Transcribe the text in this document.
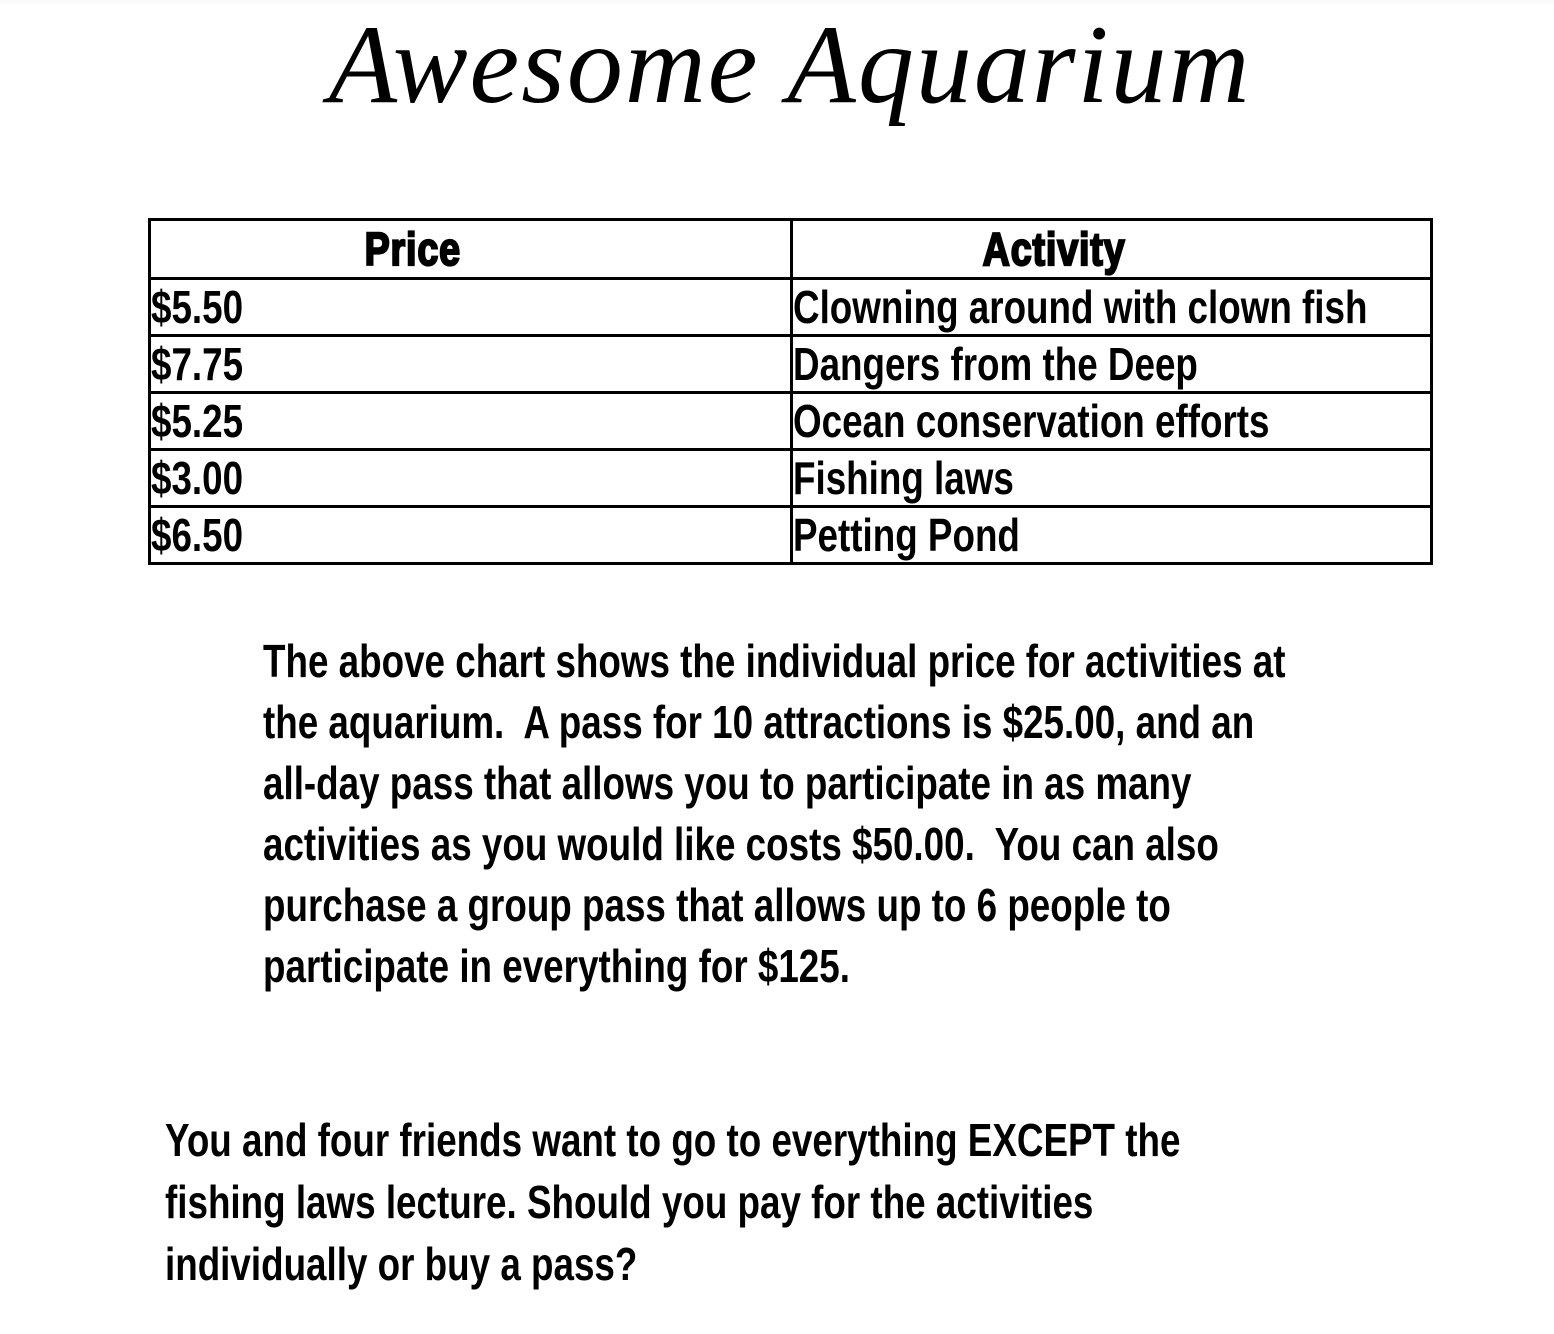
Awesome Aquarium
Price	Activity
$5.50	Clowning around with clown fish
$7.75	Dangers from the Deep
$5.25	Ocean conservation efforts
$3.00	Fishing laws
$6.50	Petting Pond
The above chart shows the individual price for activities at
the aquarium.  A pass for 10 attractions is $25.00, and an
all-day pass that allows you to participate in as many
activities as you would like costs $50.00.  You can also
purchase a group pass that allows up to 6 people to
participate in everything for $125.
You and four friends want to go to everything EXCEPT the
fishing laws lecture. Should you pay for the activities
individually or buy a pass?
